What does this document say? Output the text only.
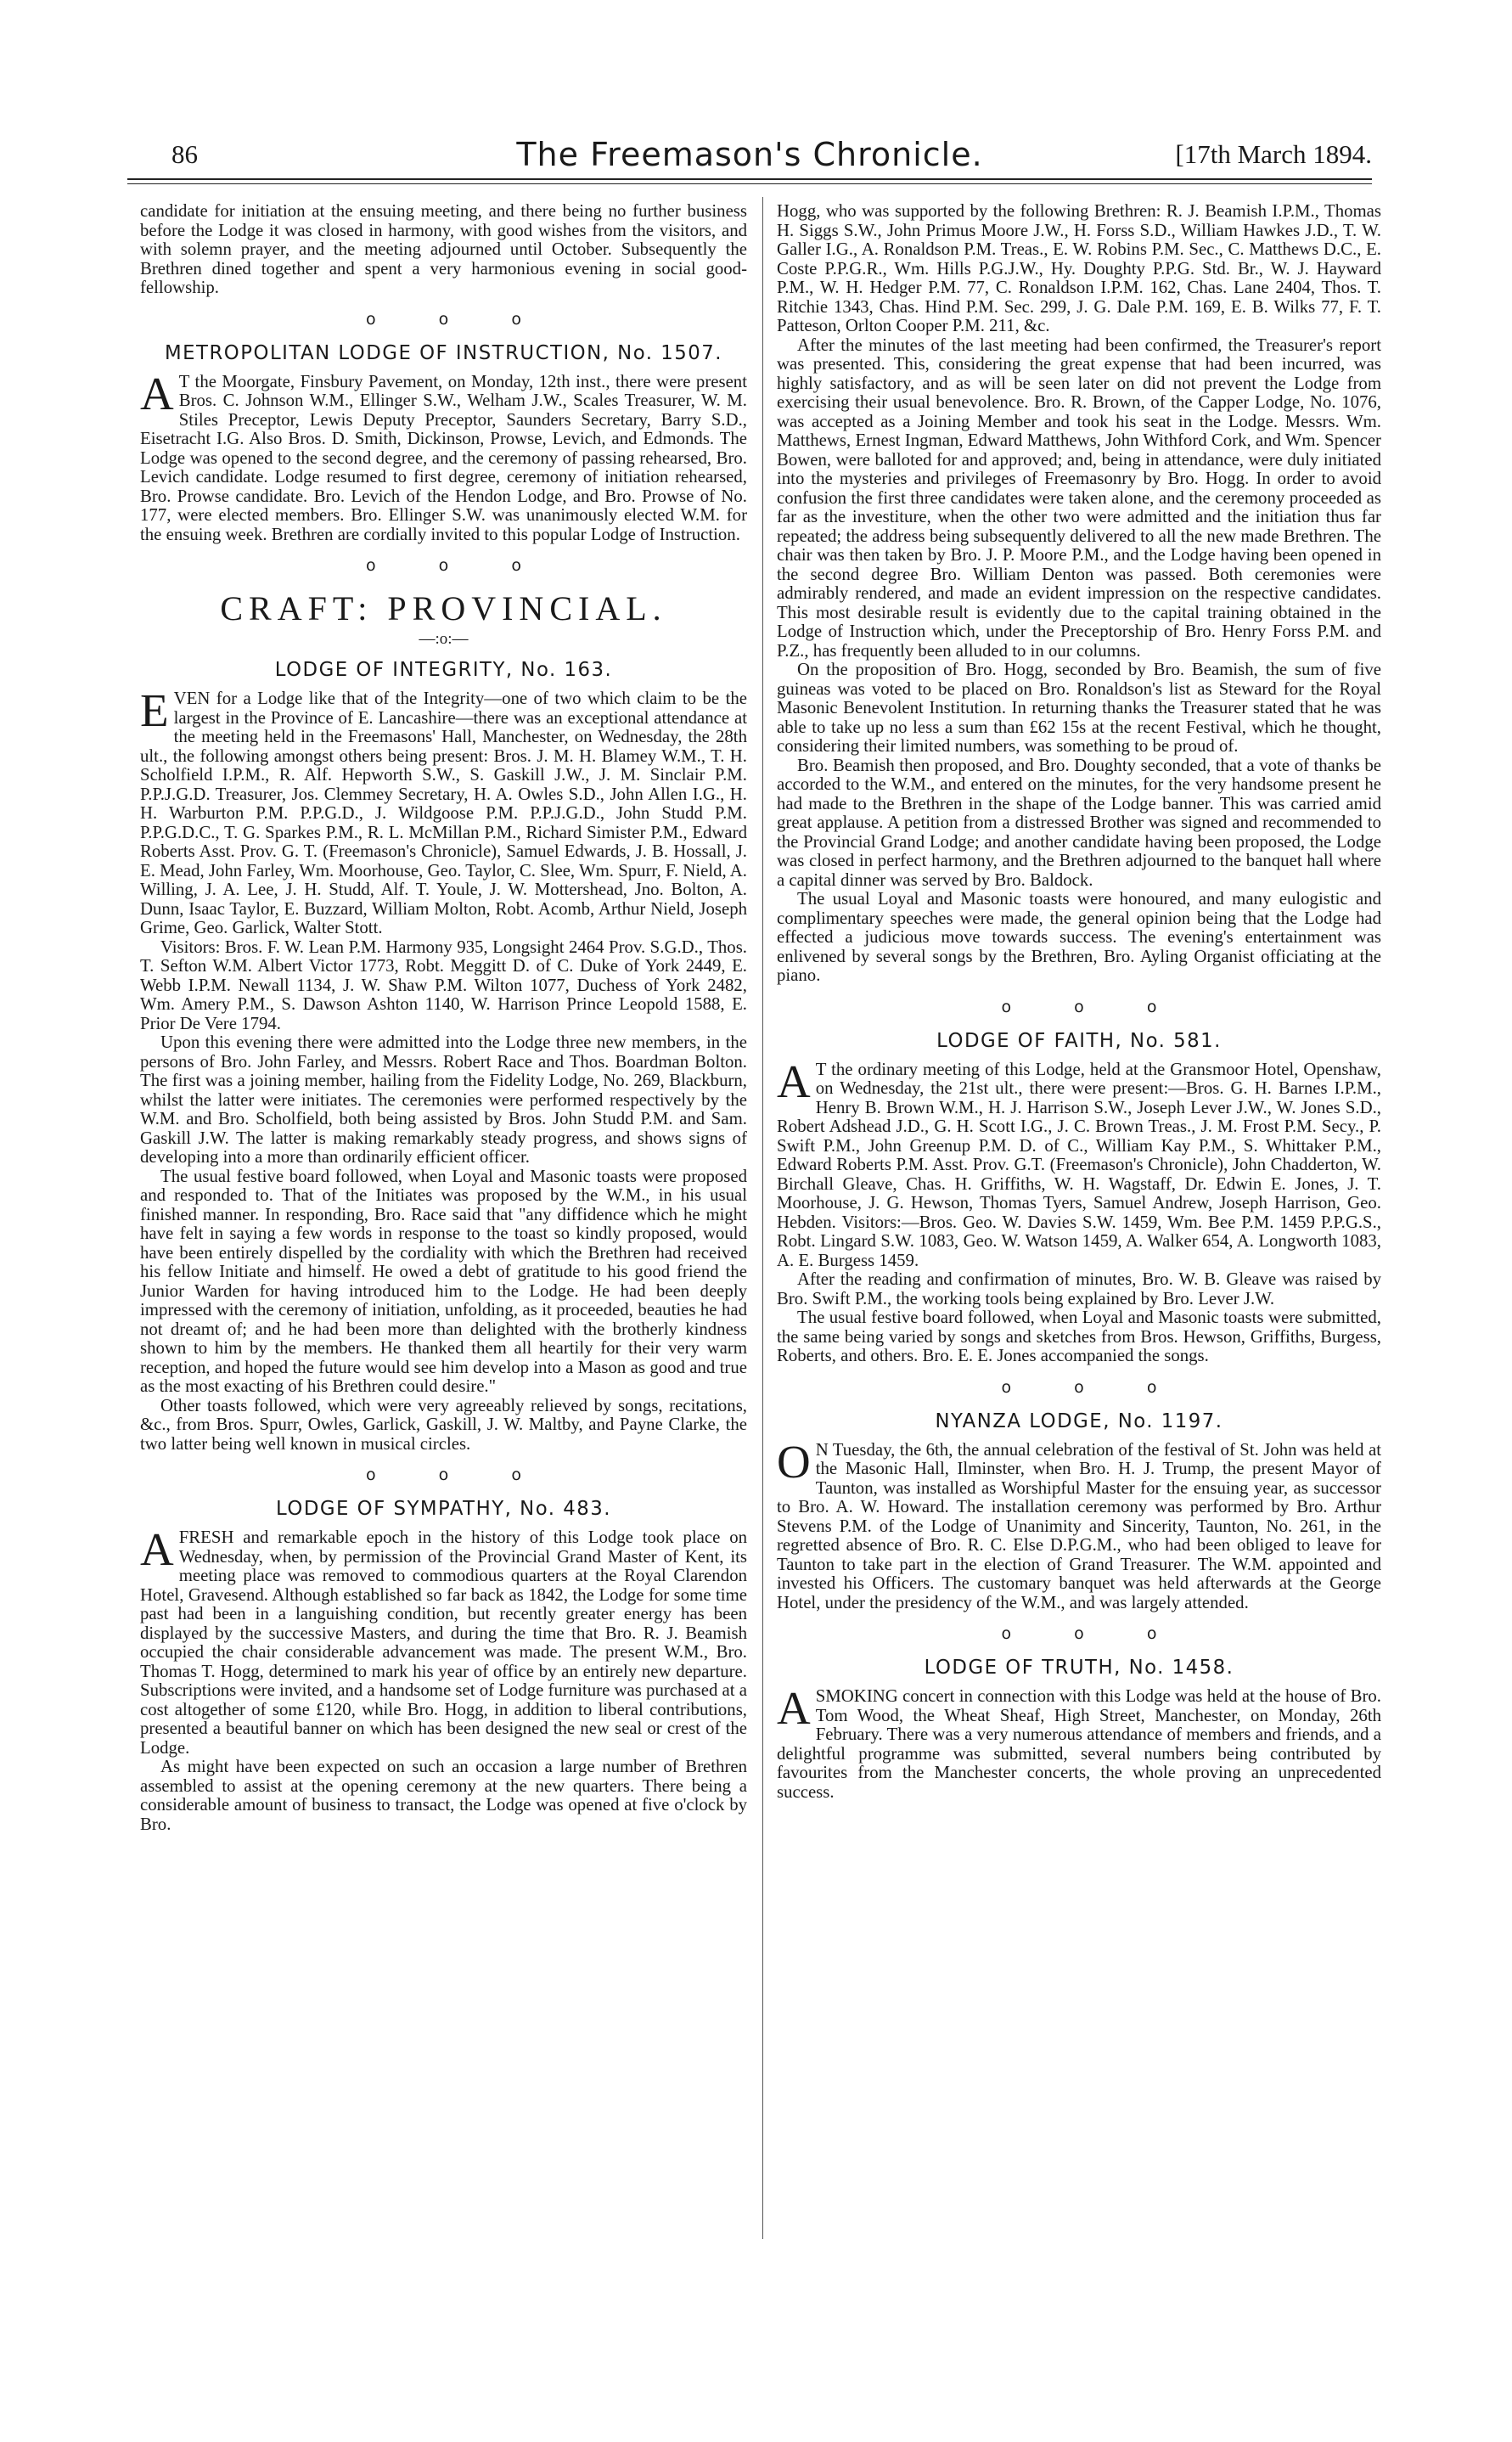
86	The Freemason's Chronicle.	[17th March 1894.

candidate for initiation at the ensuing meeting, and there being no further business before the Lodge it was closed in harmony, with good wishes from the visitors, and with solemn prayer, and the meeting adjourned until October. Subsequently the Brethren dined together and spent a very harmonious evening in social good-fellowship.

o o o
METROPOLITAN LODGE OF INSTRUCTION, No. 1507.

A T the Moorgate, Finsbury Pavement, on Monday, 12th inst., there were present Bros. C. Johnson W.M., Ellinger S.W., Welham J.W., Scales Treasurer, W. M. Stiles Preceptor, Lewis Deputy Preceptor, Saunders Secretary, Barry S.D., Eisetracht I.G. Also Bros. D. Smith, Dickinson, Prowse, Levich, and Edmonds. The Lodge was opened to the second degree, and the ceremony of passing rehearsed, Bro. Levich candidate. Lodge resumed to first degree, ceremony of initiation rehearsed, Bro. Prowse candidate. Bro. Levich of the Hendon Lodge, and Bro. Prowse of No. 177, were elected members. Bro. Ellinger S.W. was unanimously elected W.M. for the ensuing week. Brethren are cordially invited to this popular Lodge of Instruction.

o o o
CRAFT: PROVINCIAL.
—:o:—
LODGE OF INTEGRITY, No. 163.

EVEN for a Lodge like that of the Integrity—one of two which claim to be the largest in the Province of E. Lancashire—there was an exceptional attendance at the meeting held in the Freemasons' Hall, Manchester, on Wednesday, the 28th ult., the following amongst others being present: Bros. J. M. H. Blamey W.M., T. H. Scholfield I.P.M., R. Alf. Hepworth S.W., S. Gaskill J.W., J. M. Sinclair P.M. P.P.J.G.D. Treasurer, Jos. Clemmey Secretary, H. A. Owles S.D., John Allen I.G., H. H. Warburton P.M. P.P.G.D., J. Wildgoose P.M. P.P.J.G.D., John Studd P.M. P.P.G.D.C., T. G. Sparkes P.M., R. L. McMillan P.M., Richard Simister P.M., Edward Roberts Asst. Prov. G. T. (Freemason's Chronicle), Samuel Edwards, J. B. Hossall, J. E. Mead, John Farley, Wm. Moorhouse, Geo. Taylor, C. Slee, Wm. Spurr, F. Nield, A. Willing, J. A. Lee, J. H. Studd, Alf. T. Youle, J. W. Mottershead, Jno. Bolton, A. Dunn, Isaac Taylor, E. Buzzard, William Molton, Robt. Acomb, Arthur Nield, Joseph Grime, Geo. Garlick, Walter Stott.

Visitors: Bros. F. W. Lean P.M. Harmony 935, Longsight 2464 Prov. S.G.D., Thos. T. Sefton W.M. Albert Victor 1773, Robt. Meggitt D. of C. Duke of York 2449, E. Webb I.P.M. Newall 1134, J. W. Shaw P.M. Wilton 1077, Duchess of York 2482, Wm. Amery P.M., S. Dawson Ashton 1140, W. Harrison Prince Leopold 1588, E. Prior De Vere 1794.

Upon this evening there were admitted into the Lodge three new members, in the persons of Bro. John Farley, and Messrs. Robert Race and Thos. Boardman Bolton. The first was a joining member, hailing from the Fidelity Lodge, No. 269, Blackburn, whilst the latter were initiates. The ceremonies were performed respectively by the W.M. and Bro. Scholfield, both being assisted by Bros. John Studd P.M. and Sam. Gaskill J.W. The latter is making remarkably steady progress, and shows signs of developing into a more than ordinarily efficient officer.

The usual festive board followed, when Loyal and Masonic toasts were proposed and responded to. That of the Initiates was proposed by the W.M., in his usual finished manner. In responding, Bro. Race said that "any diffidence which he might have felt in saying a few words in response to the toast so kindly proposed, would have been entirely dispelled by the cordiality with which the Brethren had received his fellow Initiate and himself. He owed a debt of gratitude to his good friend the Junior Warden for having introduced him to the Lodge. He had been deeply impressed with the ceremony of initiation, unfolding, as it proceeded, beauties he had not dreamt of; and he had been more than delighted with the brotherly kindness shown to him by the members. He thanked them all heartily for their very warm reception, and hoped the future would see him develop into a Mason as good and true as the most exacting of his Brethren could desire."

Other toasts followed, which were very agreeably relieved by songs, recitations, &c., from Bros. Spurr, Owles, Garlick, Gaskill, J. W. Maltby, and Payne Clarke, the two latter being well known in musical circles.

o o o
LODGE OF SYMPATHY, No. 483.

AFRESH and remarkable epoch in the history of this Lodge took place on Wednesday, when, by permission of the Provincial Grand Master of Kent, its meeting place was removed to commodious quarters at the Royal Clarendon Hotel, Gravesend. Although established so far back as 1842, the Lodge for some time past had been in a languishing condition, but recently greater energy has been displayed by the successive Masters, and during the time that Bro. R. J. Beamish occupied the chair considerable advancement was made. The present W.M., Bro. Thomas T. Hogg, determined to mark his year of office by an entirely new departure. Subscriptions were invited, and a handsome set of Lodge furniture was purchased at a cost altogether of some £120, while Bro. Hogg, in addition to liberal contributions, presented a beautiful banner on which has been designed the new seal or crest of the Lodge.

As might have been expected on such an occasion a large number of Brethren assembled to assist at the opening ceremony at the new quarters. There being a considerable amount of business to transact, the Lodge was opened at five o'clock by Bro.

Hogg, who was supported by the following Brethren: R. J. Beamish I.P.M., Thomas H. Siggs S.W., John Primus Moore J.W., H. Forss S.D., William Hawkes J.D., T. W. Galler I.G., A. Ronaldson P.M. Treas., E. W. Robins P.M. Sec., C. Matthews D.C., E. Coste P.P.G.R., Wm. Hills P.G.J.W., Hy. Doughty P.P.G. Std. Br., W. J. Hayward P.M., W. H. Hedger P.M. 77, C. Ronaldson I.P.M. 162, Chas. Lane 2404, Thos. T. Ritchie 1343, Chas. Hind P.M. Sec. 299, J. G. Dale P.M. 169, E. B. Wilks 77, F. T. Patteson, Orlton Cooper P.M. 211, &c.

After the minutes of the last meeting had been confirmed, the Treasurer's report was presented. This, considering the great expense that had been incurred, was highly satisfactory, and as will be seen later on did not prevent the Lodge from exercising their usual benevolence. Bro. R. Brown, of the Capper Lodge, No. 1076, was accepted as a Joining Member and took his seat in the Lodge. Messrs. Wm. Matthews, Ernest Ingman, Edward Matthews, John Withford Cork, and Wm. Spencer Bowen, were balloted for and approved; and, being in attendance, were duly initiated into the mysteries and privileges of Freemasonry by Bro. Hogg. In order to avoid confusion the first three candidates were taken alone, and the ceremony proceeded as far as the investiture, when the other two were admitted and the initiation thus far repeated; the address being subsequently delivered to all the new made Brethren. The chair was then taken by Bro. J. P. Moore P.M., and the Lodge having been opened in the second degree Bro. William Denton was passed. Both ceremonies were admirably rendered, and made an evident impression on the respective candidates. This most desirable result is evidently due to the capital training obtained in the Lodge of Instruction which, under the Preceptorship of Bro. Henry Forss P.M. and P.Z., has frequently been alluded to in our columns.

On the proposition of Bro. Hogg, seconded by Bro. Beamish, the sum of five guineas was voted to be placed on Bro. Ronaldson's list as Steward for the Royal Masonic Benevolent Institution. In returning thanks the Treasurer stated that he was able to take up no less a sum than £62 15s at the recent Festival, which he thought, considering their limited numbers, was something to be proud of.

Bro. Beamish then proposed, and Bro. Doughty seconded, that a vote of thanks be accorded to the W.M., and entered on the minutes, for the very handsome present he had made to the Brethren in the shape of the Lodge banner. This was carried amid great applause. A petition from a distressed Brother was signed and recommended to the Provincial Grand Lodge; and another candidate having been proposed, the Lodge was closed in perfect harmony, and the Brethren adjourned to the banquet hall where a capital dinner was served by Bro. Baldock.

The usual Loyal and Masonic toasts were honoured, and many eulogistic and complimentary speeches were made, the general opinion being that the Lodge had effected a judicious move towards success. The evening's entertainment was enlivened by several songs by the Brethren, Bro. Ayling Organist officiating at the piano.

o o o
LODGE OF FAITH, No. 581.

A T the ordinary meeting of this Lodge, held at the Gransmoor Hotel, Openshaw, on Wednesday, the 21st ult., there were present:—Bros. G. H. Barnes I.P.M., Henry B. Brown W.M., H. J. Harrison S.W., Joseph Lever J.W., W. Jones S.D., Robert Adshead J.D., G. H. Scott I.G., J. C. Brown Treas., J. M. Frost P.M. Secy., P. Swift P.M., John Greenup P.M. D. of C., William Kay P.M., S. Whittaker P.M., Edward Roberts P.M. Asst. Prov. G.T. (Freemason's Chronicle), John Chadderton, W. Birchall Gleave, Chas. H. Griffiths, W. H. Wagstaff, Dr. Edwin E. Jones, J. T. Moorhouse, J. G. Hewson, Thomas Tyers, Samuel Andrew, Joseph Harrison, Geo. Hebden. Visitors:—Bros. Geo. W. Davies S.W. 1459, Wm. Bee P.M. 1459 P.P.G.S., Robt. Lingard S.W. 1083, Geo. W. Watson 1459, A. Walker 654, A. Longworth 1083, A. E. Burgess 1459.

After the reading and confirmation of minutes, Bro. W. B. Gleave was raised by Bro. Swift P.M., the working tools being explained by Bro. Lever J.W.

The usual festive board followed, when Loyal and Masonic toasts were submitted, the same being varied by songs and sketches from Bros. Hewson, Griffiths, Burgess, Roberts, and others. Bro. E. E. Jones accompanied the songs.

o o o
NYANZA LODGE, No. 1197.

O N Tuesday, the 6th, the annual celebration of the festival of St. John was held at the Masonic Hall, Ilminster, when Bro. H. J. Trump, the present Mayor of Taunton, was installed as Worshipful Master for the ensuing year, as successor to Bro. A. W. Howard. The installation ceremony was performed by Bro. Arthur Stevens P.M. of the Lodge of Unanimity and Sincerity, Taunton, No. 261, in the regretted absence of Bro. R. C. Else D.P.G.M., who had been obliged to leave for Taunton to take part in the election of Grand Treasurer. The W.M. appointed and invested his Officers. The customary banquet was held afterwards at the George Hotel, under the presidency of the W.M., and was largely attended.

o o o
LODGE OF TRUTH, No. 1458.

ASMOKING concert in connection with this Lodge was held at the house of Bro. Tom Wood, the Wheat Sheaf, High Street, Manchester, on Monday, 26th February. There was a very numerous attendance of members and friends, and a delightful programme was submitted, several numbers being contributed by favourites from the Manchester concerts, the whole proving an unprecedented success.
